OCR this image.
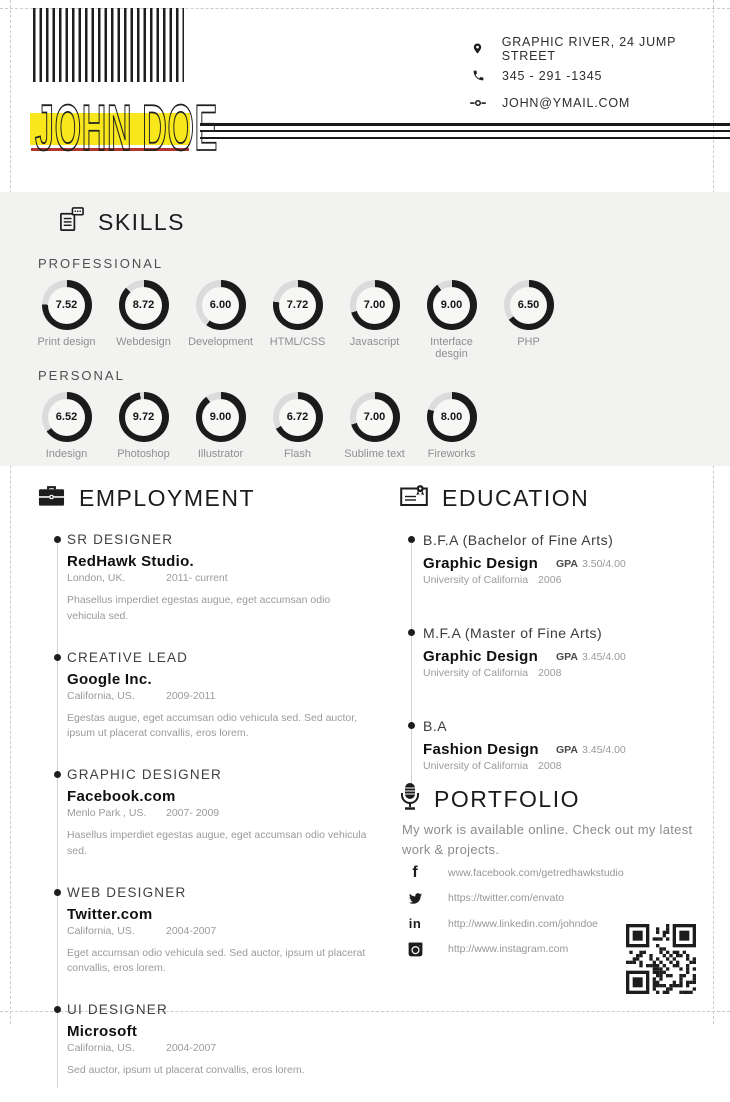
JOHN DOE
GRAPHIC RIVER, 24 JUMP STREET
345 - 291 -1345
JOHN@YMAIL.COM
SKILLS
PROFESSIONAL
7.52
Print design
8.72
Webdesign
6.00
Development
7.72
HTML/CSS
7.00
Javascript
9.00
Interface desgin
6.50
PHP
PERSONAL
6.52
Indesign
9.72
Photoshop
9.00
Illustrator
6.72
Flash
7.00
Sublime text
8.00
Fireworks
EMPLOYMENT
SR DESIGNER
RedHawk Studio.
London, UK.	2011- current
Phasellus imperdiet egestas augue, eget accumsan odio vehicula sed.
CREATIVE LEAD
Google Inc.
California, US.	2009-2011
Egestas augue, eget accumsan odio vehicula sed. Sed auctor, ipsum ut placerat convallis, eros lorem.
GRAPHIC DESIGNER
Facebook.com
Menlo Park , US. 2007- 2009
Hasellus imperdiet egestas augue, eget accumsan odio vehicula sed.
WEB DESIGNER
Twitter.com
California, US.	2004-2007
Eget accumsan odio vehicula sed. Sed auctor, ipsum ut placerat convallis, eros lorem.
UI DESIGNER
Microsoft
California, US.	2004-2007
Sed auctor, ipsum ut placerat convallis, eros lorem.
EDUCATION
B.F.A (Bachelor of Fine Arts)
Graphic Design
University of California 2006
GPA 3.50/4.00
M.F.A (Master of Fine Arts)
Graphic Design
University of California 2008
GPA 3.45/4.00
B.A
Fashion Design
University of California 2008
GPA 3.45/4.00
PORTFOLIO
My work is available online. Check out my latest work & projects.
f	www.facebook.com/getredhawkstudio
https://twitter.com/envato
in	http://www.linkedin.com/johndoe
http://www.instagram.com
